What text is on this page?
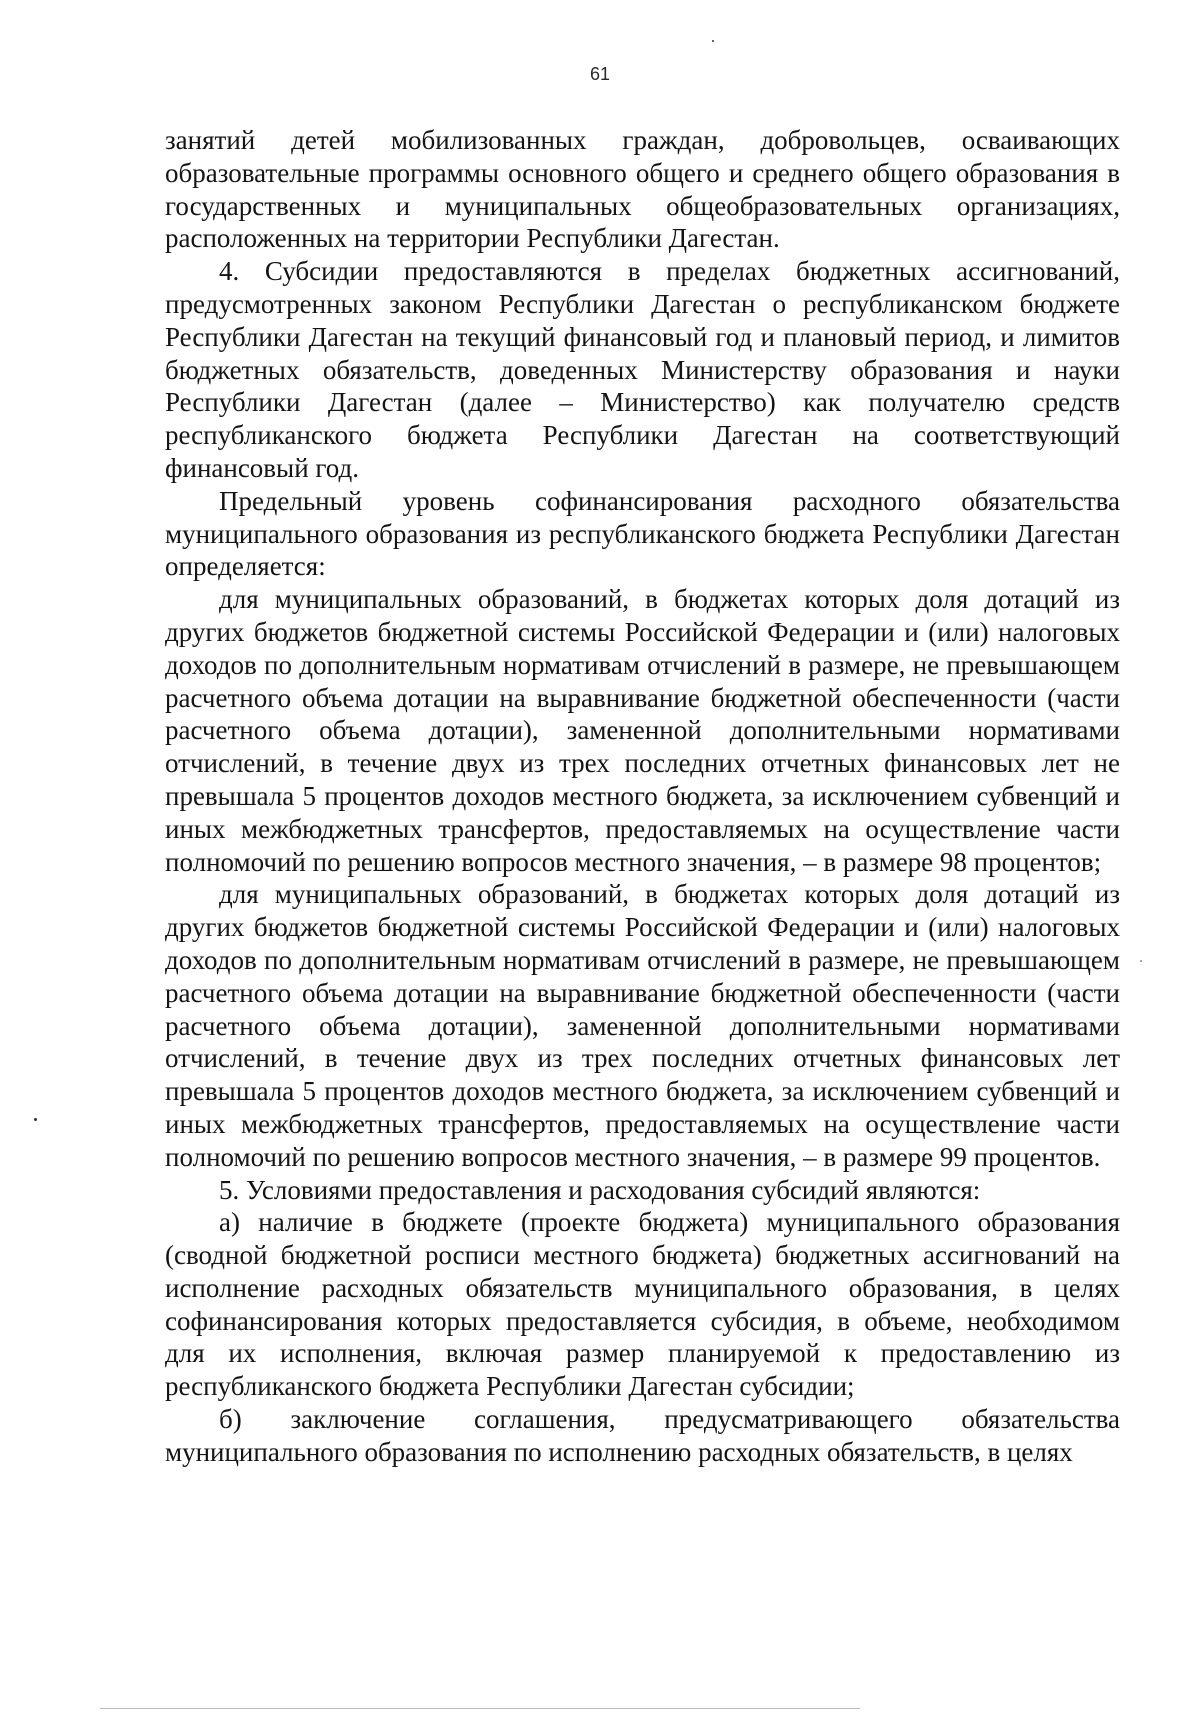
61

занятий детей мобилизованных граждан, добровольцев, осваивающих образовательные программы основного общего и среднего общего образования в государственных и муниципальных общеобразовательных организациях, расположенных на территории Республики Дагестан.

4. Субсидии предоставляются в пределах бюджетных ассигнований, предусмотренных законом Республики Дагестан о республиканском бюджете Республики Дагестан на текущий финансовый год и плановый период, и лимитов бюджетных обязательств, доведенных Министерству образования и науки Республики Дагестан (далее – Министерство) как получателю средств республиканского бюджета Республики Дагестан на соответствующий финансовый год.

Предельный уровень софинансирования расходного обязательства муниципального образования из республиканского бюджета Республики Дагестан определяется:

для муниципальных образований, в бюджетах которых доля дотаций из других бюджетов бюджетной системы Российской Федерации и (или) налоговых доходов по дополнительным нормативам отчислений в размере, не превышающем расчетного объема дотации на выравнивание бюджетной обеспеченности (части расчетного объема дотации), замененной дополнительными нормативами отчислений, в течение двух из трех последних отчетных финансовых лет не превышала 5 процентов доходов местного бюджета, за исключением субвенций и иных межбюджетных трансфертов, предоставляемых на осуществление части полномочий по решению вопросов местного значения, – в размере 98 процентов;

для муниципальных образований, в бюджетах которых доля дотаций из других бюджетов бюджетной системы Российской Федерации и (или) налоговых доходов по дополнительным нормативам отчислений в размере, не превышающем расчетного объема дотации на выравнивание бюджетной обеспеченности (части расчетного объема дотации), замененной дополнительными нормативами отчислений, в течение двух из трех последних отчетных финансовых лет превышала 5 процентов доходов местного бюджета, за исключением субвенций и иных межбюджетных трансфертов, предоставляемых на осуществление части полномочий по решению вопросов местного значения, – в размере 99 процентов.

5. Условиями предоставления и расходования субсидий являются:

а) наличие в бюджете (проекте бюджета) муниципального образования (сводной бюджетной росписи местного бюджета) бюджетных ассигнований на исполнение расходных обязательств муниципального образования, в целях софинансирования которых предоставляется субсидия, в объеме, необходимом для их исполнения, включая размер планируемой к предоставлению из республиканского бюджета Республики Дагестан субсидии;

б) заключение соглашения, предусматривающего обязательства муниципального образования по исполнению расходных обязательств, в целях
